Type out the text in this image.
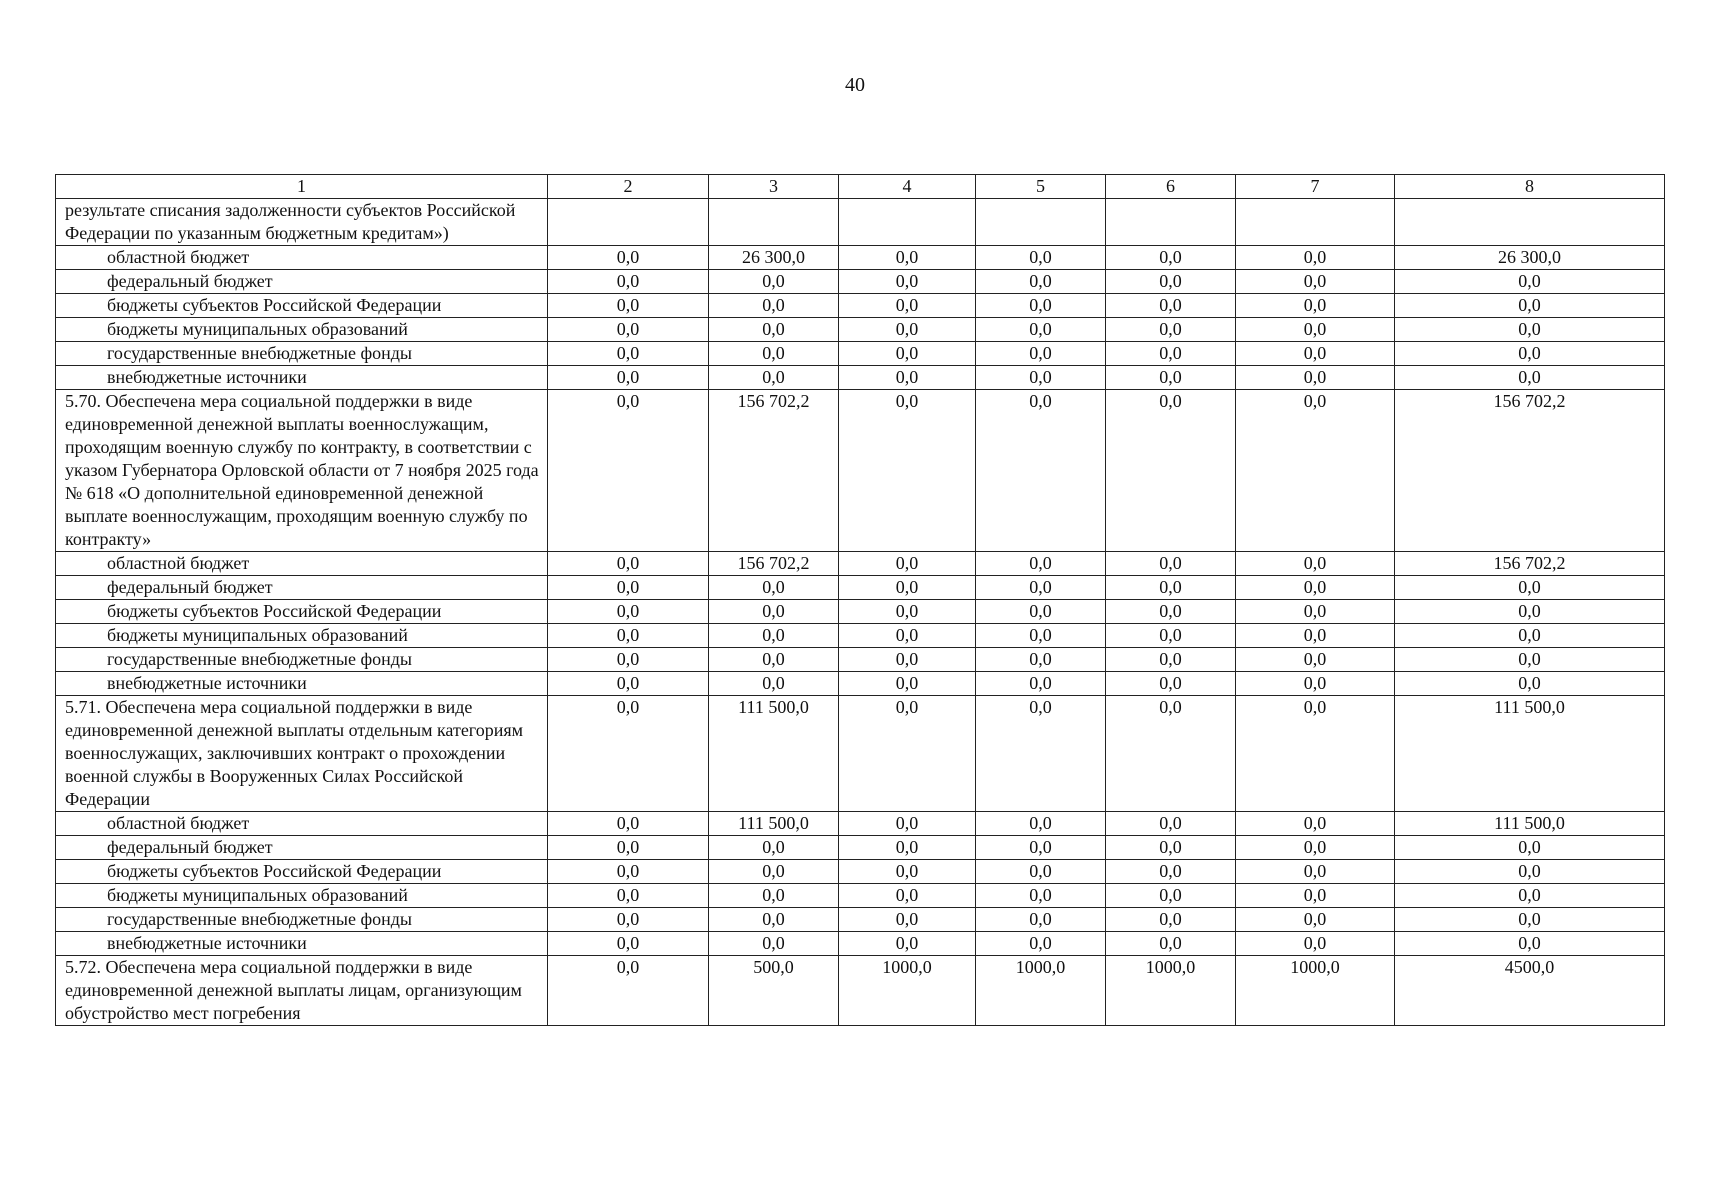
40
1	2	3	4	5	6	7	8
результате списания задолженности субъектов Российской Федерации по указанным бюджетным кредитам»)							
областной бюджет	0,0	26 300,0	0,0	0,0	0,0	0,0	26 300,0
федеральный бюджет	0,0	0,0	0,0	0,0	0,0	0,0	0,0
бюджеты субъектов Российской Федерации	0,0	0,0	0,0	0,0	0,0	0,0	0,0
бюджеты муниципальных образований	0,0	0,0	0,0	0,0	0,0	0,0	0,0
государственные внебюджетные фонды	0,0	0,0	0,0	0,0	0,0	0,0	0,0
внебюджетные источники	0,0	0,0	0,0	0,0	0,0	0,0	0,0
5.70. Обеспечена мера социальной поддержки в виде единовременной денежной выплаты военнослужащим, проходящим военную службу по контракту, в соответствии с указом Губернатора Орловской области от 7 ноября 2025 года № 618 «О дополнительной единовременной денежной выплате военнослужащим, проходящим военную службу по контракту»	0,0	156 702,2	0,0	0,0	0,0	0,0	156 702,2
областной бюджет	0,0	156 702,2	0,0	0,0	0,0	0,0	156 702,2
федеральный бюджет	0,0	0,0	0,0	0,0	0,0	0,0	0,0
бюджеты субъектов Российской Федерации	0,0	0,0	0,0	0,0	0,0	0,0	0,0
бюджеты муниципальных образований	0,0	0,0	0,0	0,0	0,0	0,0	0,0
государственные внебюджетные фонды	0,0	0,0	0,0	0,0	0,0	0,0	0,0
внебюджетные источники	0,0	0,0	0,0	0,0	0,0	0,0	0,0
5.71. Обеспечена мера социальной поддержки в виде единовременной денежной выплаты отдельным категориям военнослужащих, заключивших контракт о прохождении военной службы в Вооруженных Силах Российской Федерации	0,0	111 500,0	0,0	0,0	0,0	0,0	111 500,0
областной бюджет	0,0	111 500,0	0,0	0,0	0,0	0,0	111 500,0
федеральный бюджет	0,0	0,0	0,0	0,0	0,0	0,0	0,0
бюджеты субъектов Российской Федерации	0,0	0,0	0,0	0,0	0,0	0,0	0,0
бюджеты муниципальных образований	0,0	0,0	0,0	0,0	0,0	0,0	0,0
государственные внебюджетные фонды	0,0	0,0	0,0	0,0	0,0	0,0	0,0
внебюджетные источники	0,0	0,0	0,0	0,0	0,0	0,0	0,0
5.72. Обеспечена мера социальной поддержки в виде единовременной денежной выплаты лицам, организующим обустройство мест погребения	0,0	500,0	1000,0	1000,0	1000,0	1000,0	4500,0
